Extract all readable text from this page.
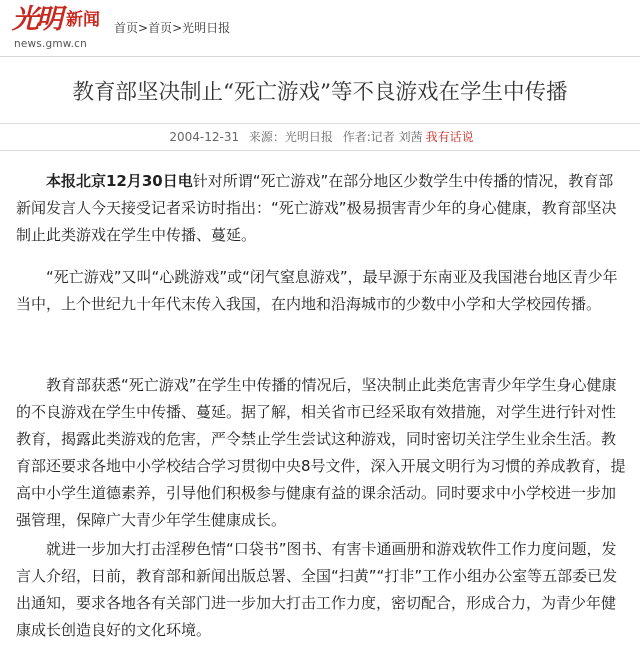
光明 新闻
news.gmw.cn
首页>首页>光明日报
教育部坚决制止“死亡游戏”等不良游戏在学生中传播
2004-12-31 来源：光明日报 作者:记者 刘茜 我有话说

本报北京12月30日电针对所谓“死亡游戏”在部分地区少数学生中传播的情况，教育部新闻发言人今天接受记者采访时指出：“死亡游戏”极易损害青少年的身心健康，教育部坚决制止此类游戏在学生中传播、蔓延。

“死亡游戏”又叫“心跳游戏”或“闭气窒息游戏”，最早源于东南亚及我国港台地区青少年当中，上个世纪九十年代末传入我国，在内地和沿海城市的少数中小学和大学校园传播。

教育部获悉“死亡游戏”在学生中传播的情况后，坚决制止此类危害青少年学生身心健康的不良游戏在学生中传播、蔓延。据了解，相关省市已经采取有效措施，对学生进行针对性教育，揭露此类游戏的危害，严令禁止学生尝试这种游戏，同时密切关注学生业余生活。教育部还要求各地中小学校结合学习贯彻中央8号文件，深入开展文明行为习惯的养成教育，提高中小学生道德素养，引导他们积极参与健康有益的课余活动。同时要求中小学校进一步加强管理，保障广大青少年学生健康成长。

就进一步加大打击淫秽色情“口袋书”图书、有害卡通画册和游戏软件工作力度问题，发言人介绍，日前，教育部和新闻出版总署、全国“扫黄”“打非”工作小组办公室等五部委已发出通知，要求各地各有关部门进一步加大打击工作力度，密切配合，形成合力，为青少年健康成长创造良好的文化环境。
